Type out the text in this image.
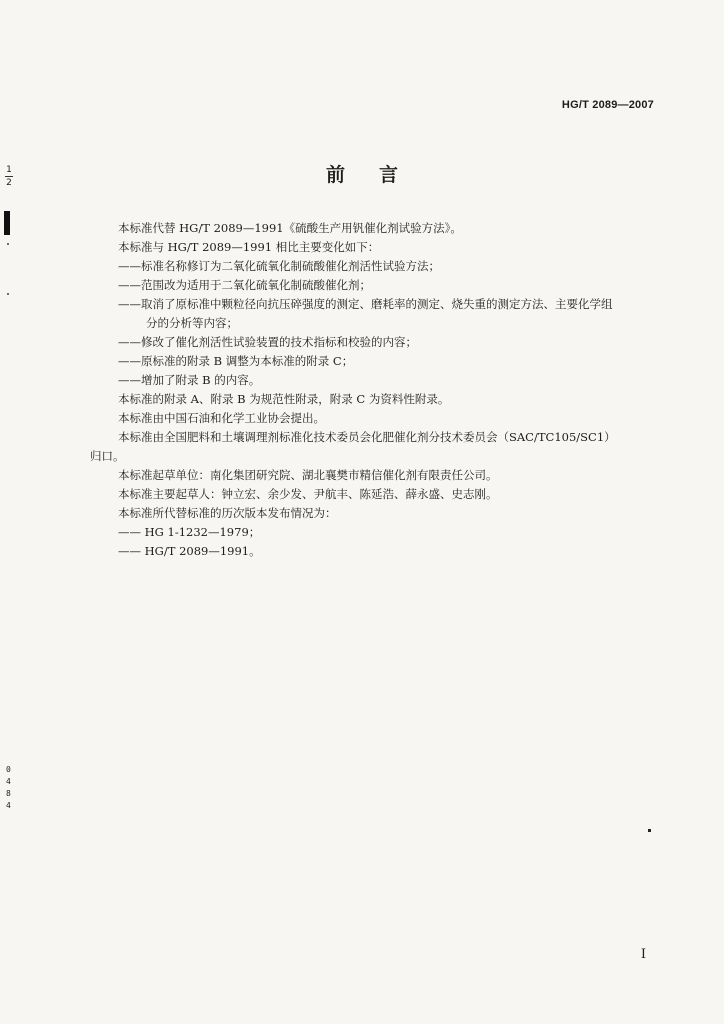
HG/T 2089—2007
1
2	前言

本标准代替 HG/T 2089—1991《硫酸生产用钒催化剂试验方法》。

本标准与 HG/T 2089—1991 相比主要变化如下：

——标准名称修订为二氧化硫氧化制硫酸催化剂活性试验方法；

——范围改为适用于二氧化硫氧化制硫酸催化剂；

——取消了原标准中颗粒径向抗压碎强度的测定、磨耗率的测定、烧失重的测定方法、主要化学组

分的分析等内容；

——修改了催化剂活性试验装置的技术指标和校验的内容；

——原标准的附录 B 调整为本标准的附录 C；

——增加了附录 B 的内容。

本标准的附录 A、附录 B 为规范性附录，附录 C 为资料性附录。

本标准由中国石油和化学工业协会提出。

本标准由全国肥料和土壤调理剂标准化技术委员会化肥催化剂分技术委员会（SAC/TC105/SC1）

归口。

本标准起草单位：南化集团研究院、湖北襄樊市精信催化剂有限责任公司。

本标准主要起草人：钟立宏、余少发、尹航丰、陈延浩、薛永盛、史志刚。

本标准所代替标准的历次版本发布情况为：

—— HG 1-1232—1979；

—— HG/T 2089—1991。

0
4
8
4
I
